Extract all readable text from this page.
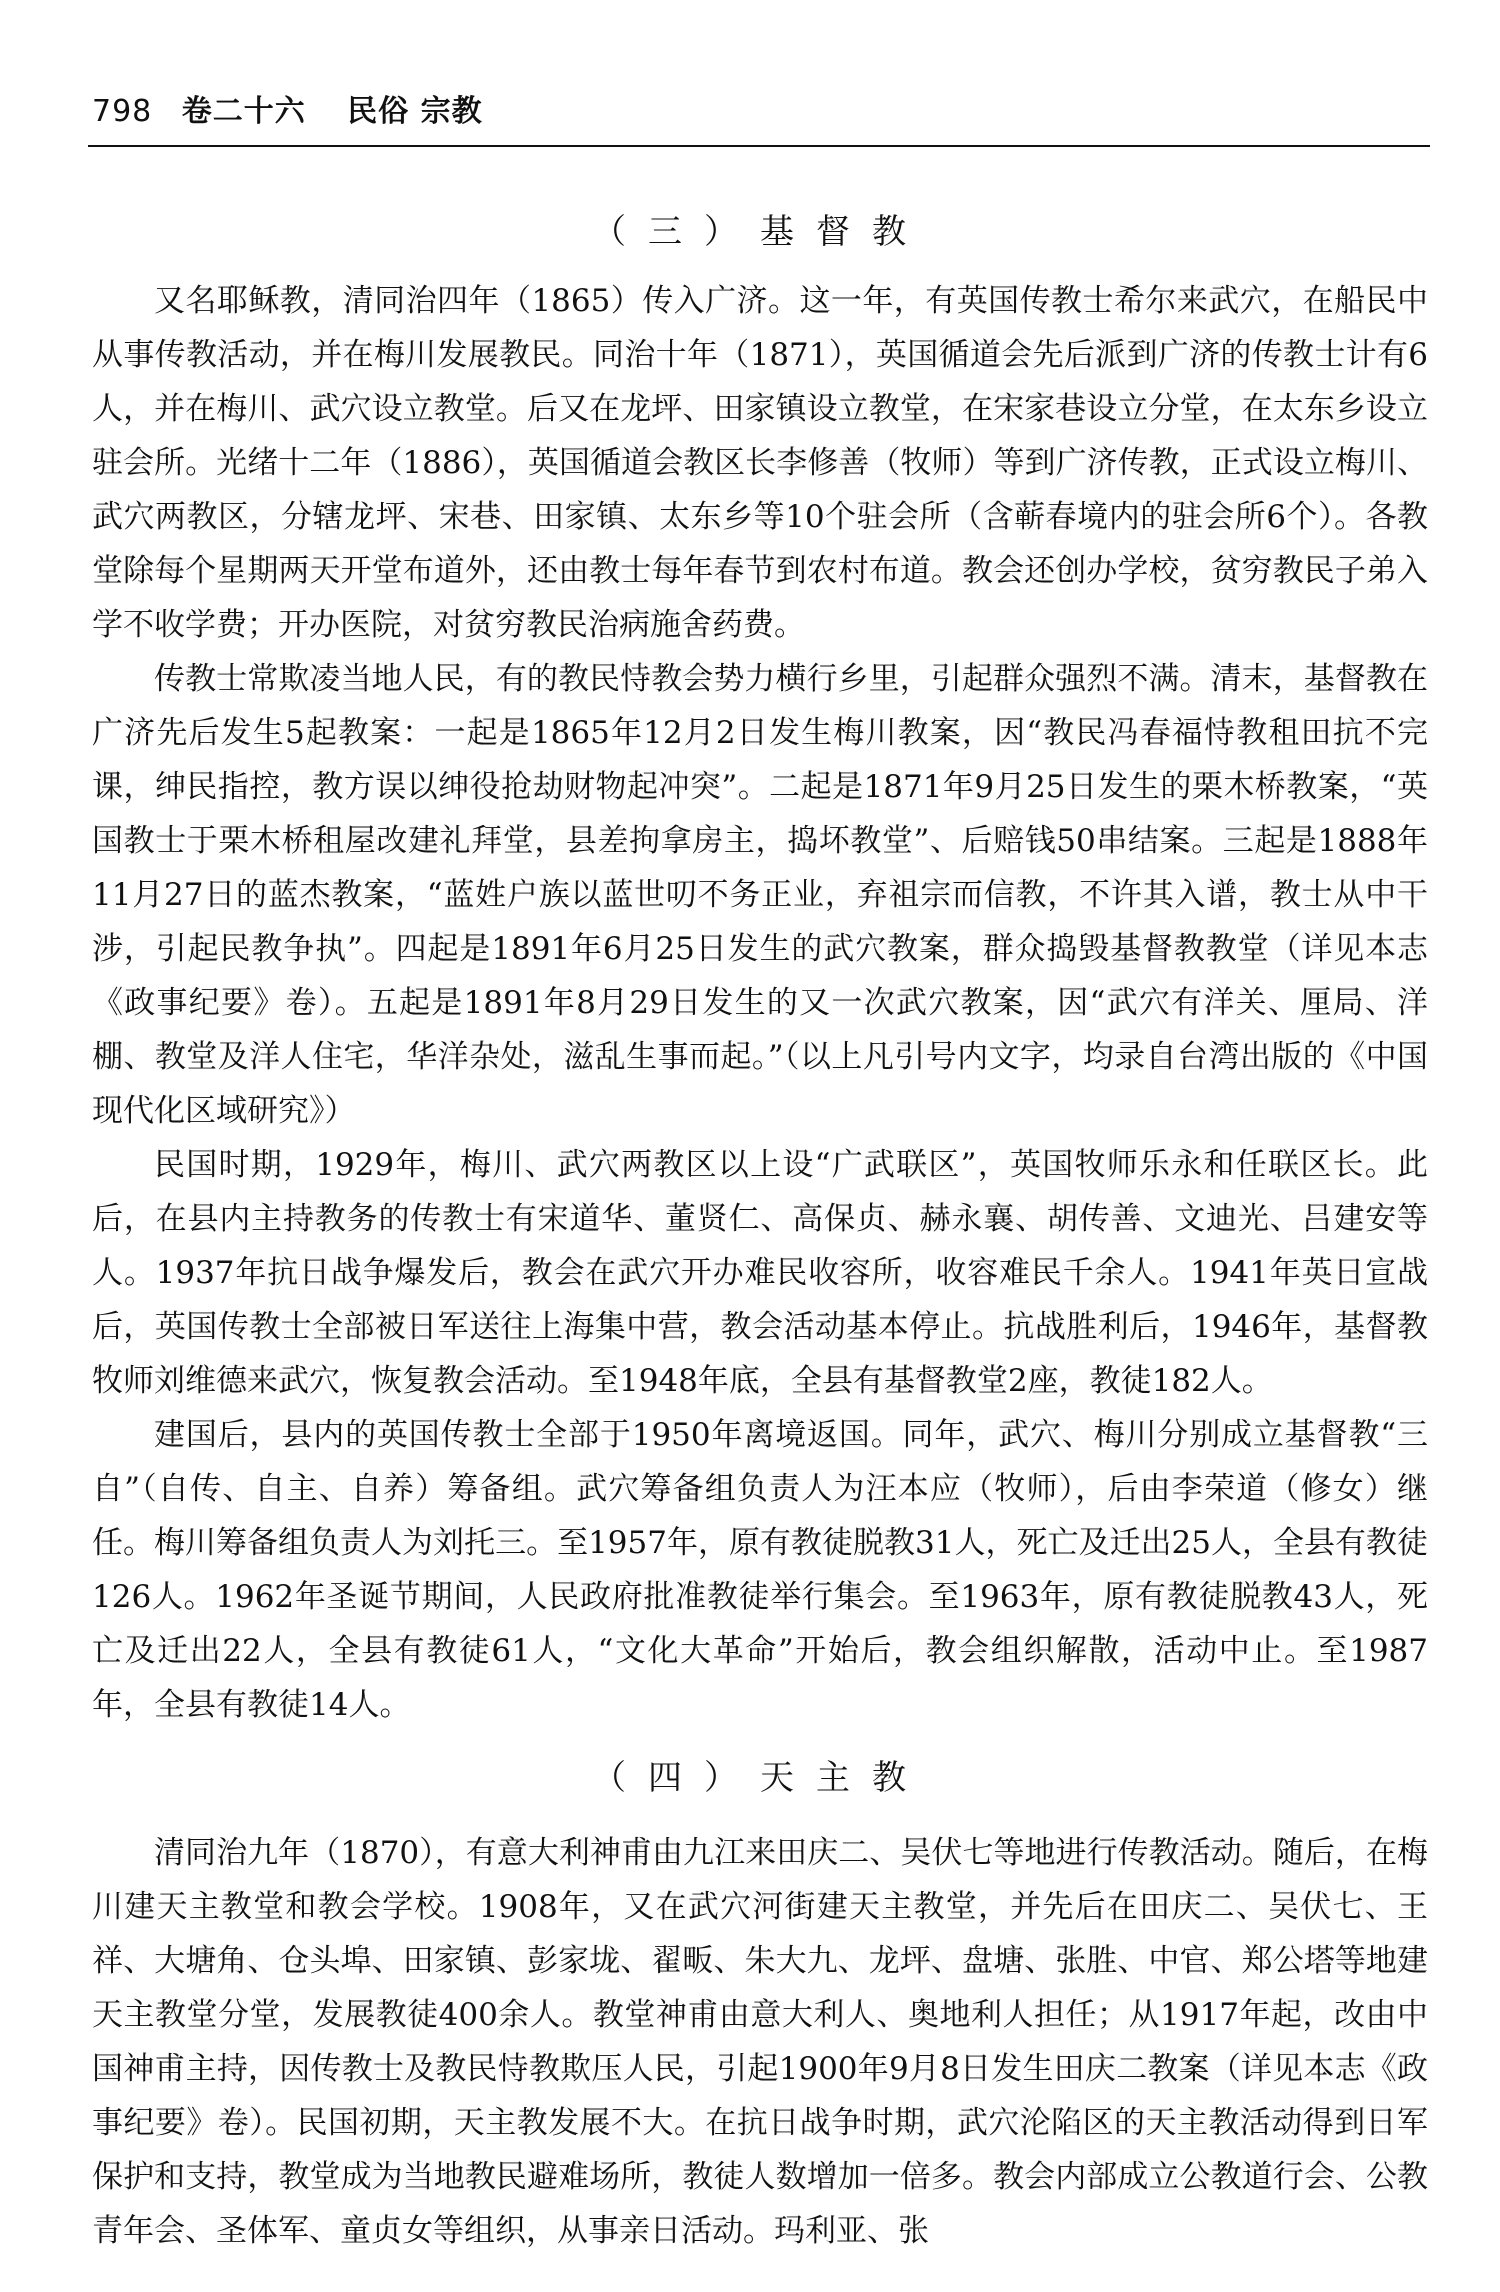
798 卷二十六 民俗 宗教
（三）基督教

又名耶稣教，清同治四年（1865）传入广济。这一年，有英国传教士希尔来武穴，在船民中从事传教活动，并在梅川发展教民。同治十年（1871），英国循道会先后派到广济的传教士计有6人，并在梅川、武穴设立教堂。后又在龙坪、田家镇设立教堂，在宋家巷设立分堂，在太东乡设立驻会所。光绪十二年（1886），英国循道会教区长李修善（牧师）等到广济传教，正式设立梅川、武穴两教区，分辖龙坪、宋巷、田家镇、太东乡等10个驻会所（含蕲春境内的驻会所6个）。各教堂除每个星期两天开堂布道外，还由教士每年春节到农村布道。教会还创办学校，贫穷教民子弟入学不收学费；开办医院，对贫穷教民治病施舍药费。

传教士常欺凌当地人民，有的教民恃教会势力横行乡里，引起群众强烈不满。清末，基督教在广济先后发生5起教案：一起是1865年12月2日发生梅川教案，因“教民冯春福恃教租田抗不完课，绅民指控，教方误以绅役抢劫财物起冲突”。二起是1871年9月25日发生的栗木桥教案，“英国教士于栗木桥租屋改建礼拜堂，县差拘拿房主，捣坏教堂”、后赔钱50串结案。三起是1888年11月27日的蓝杰教案，“蓝姓户族以蓝世叨不务正业，弃祖宗而信教，不许其入谱，教士从中干涉，引起民教争执”。四起是1891年6月25日发生的武穴教案，群众捣毁基督教教堂（详见本志《政事纪要》卷）。五起是1891年8月29日发生的又一次武穴教案，因“武穴有洋关、厘局、洋棚、教堂及洋人住宅，华洋杂处，滋乱生事而起。”（以上凡引号内文字，均录自台湾出版的《中国现代化区域研究》）

民国时期，1929年，梅川、武穴两教区以上设“广武联区”，英国牧师乐永和任联区长。此后，在县内主持教务的传教士有宋道华、董贤仁、高保贞、赫永襄、胡传善、文迪光、吕建安等人。1937年抗日战争爆发后，教会在武穴开办难民收容所，收容难民千余人。1941年英日宣战后，英国传教士全部被日军送往上海集中营，教会活动基本停止。抗战胜利后，1946年，基督教牧师刘维德来武穴，恢复教会活动。至1948年底，全县有基督教堂2座，教徒182人。

建国后，县内的英国传教士全部于1950年离境返国。同年，武穴、梅川分别成立基督教“三自”（自传、自主、自养）筹备组。武穴筹备组负责人为汪本应（牧师），后由李荣道（修女）继任。梅川筹备组负责人为刘托三。至1957年，原有教徒脱教31人，死亡及迁出25人，全县有教徒126人。1962年圣诞节期间，人民政府批准教徒举行集会。至1963年，原有教徒脱教43人，死亡及迁出22人，全县有教徒61人，“文化大革命”开始后，教会组织解散，活动中止。至1987年，全县有教徒14人。

（四）天主教

清同治九年（1870），有意大利神甫由九江来田庆二、吴伏七等地进行传教活动。随后，在梅川建天主教堂和教会学校。1908年，又在武穴河街建天主教堂，并先后在田庆二、吴伏七、王祥、大塘角、仓头埠、田家镇、彭家垅、翟畈、朱大九、龙坪、盘塘、张胜、中官、郑公塔等地建天主教堂分堂，发展教徒400余人。教堂神甫由意大利人、奥地利人担任；从1917年起，改由中国神甫主持，因传教士及教民恃教欺压人民，引起1900年9月8日发生田庆二教案（详见本志《政事纪要》卷）。民国初期，天主教发展不大。在抗日战争时期，武穴沦陷区的天主教活动得到日军保护和支持，教堂成为当地教民避难场所，教徒人数增加一倍多。教会内部成立公教道行会、公教青年会、圣体军、童贞女等组织，从事亲日活动。玛利亚、张
